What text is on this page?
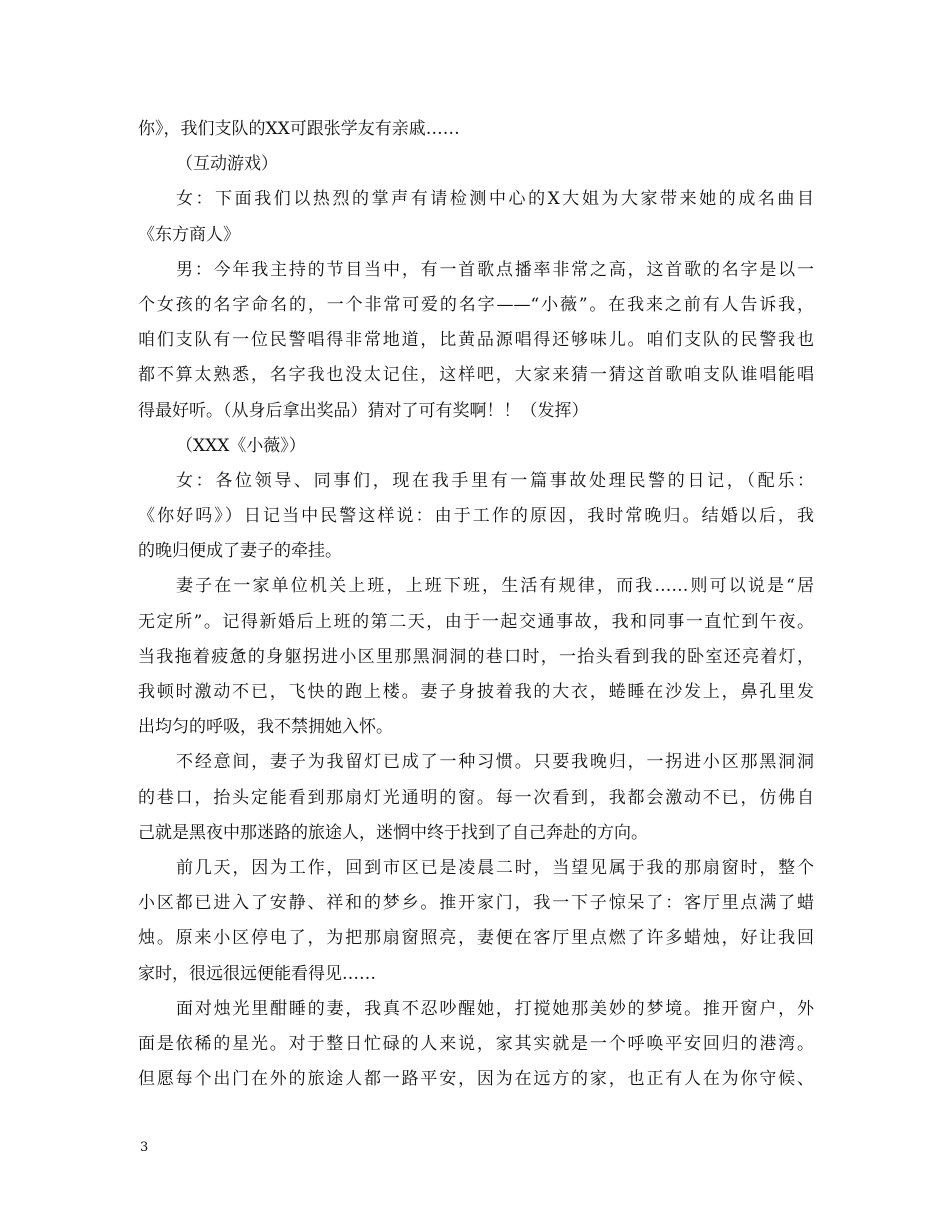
你》，我们支队的XX可跟张学友有亲戚……
（互动游戏）
女：下面我们以热烈的掌声有请检测中心的X大姐为大家带来她的成名曲目
《东方商人》
男：今年我主持的节目当中，有一首歌点播率非常之高，这首歌的名字是以一
个女孩的名字命名的，一个非常可爱的名字——“小薇”。在我来之前有人告诉我，
咱们支队有一位民警唱得非常地道，比黄品源唱得还够味儿。咱们支队的民警我也
都不算太熟悉，名字我也没太记住，这样吧，大家来猜一猜这首歌咱支队谁唱能唱
得最好听。（从身后拿出奖品）猜对了可有奖啊！！（发挥）
（XXX《小薇》）
女：各位领导、同事们，现在我手里有一篇事故处理民警的日记，（配乐：
《你好吗》）日记当中民警这样说：由于工作的原因，我时常晚归。结婚以后，我
的晚归便成了妻子的牵挂。
妻子在一家单位机关上班，上班下班，生活有规律，而我……则可以说是“居
无定所”。记得新婚后上班的第二天，由于一起交通事故，我和同事一直忙到午夜。
当我拖着疲惫的身躯拐进小区里那黑洞洞的巷口时，一抬头看到我的卧室还亮着灯，
我顿时激动不已，飞快的跑上楼。妻子身披着我的大衣，蜷睡在沙发上，鼻孔里发
出均匀的呼吸，我不禁拥她入怀。
不经意间，妻子为我留灯已成了一种习惯。只要我晚归，一拐进小区那黑洞洞
的巷口，抬头定能看到那扇灯光通明的窗。每一次看到，我都会激动不已，仿佛自
己就是黑夜中那迷路的旅途人，迷惘中终于找到了自己奔赴的方向。
前几天，因为工作，回到市区已是凌晨二时，当望见属于我的那扇窗时，整个
小区都已进入了安静、祥和的梦乡。推开家门，我一下子惊呆了：客厅里点满了蜡
烛。原来小区停电了，为把那扇窗照亮，妻便在客厅里点燃了许多蜡烛，好让我回
家时，很远很远便能看得见……
面对烛光里酣睡的妻，我真不忍吵醒她，打搅她那美妙的梦境。推开窗户，外
面是依稀的星光。对于整日忙碌的人来说，家其实就是一个呼唤平安回归的港湾。
但愿每个出门在外的旅途人都一路平安，因为在远方的家，也正有人在为你守候、
3
